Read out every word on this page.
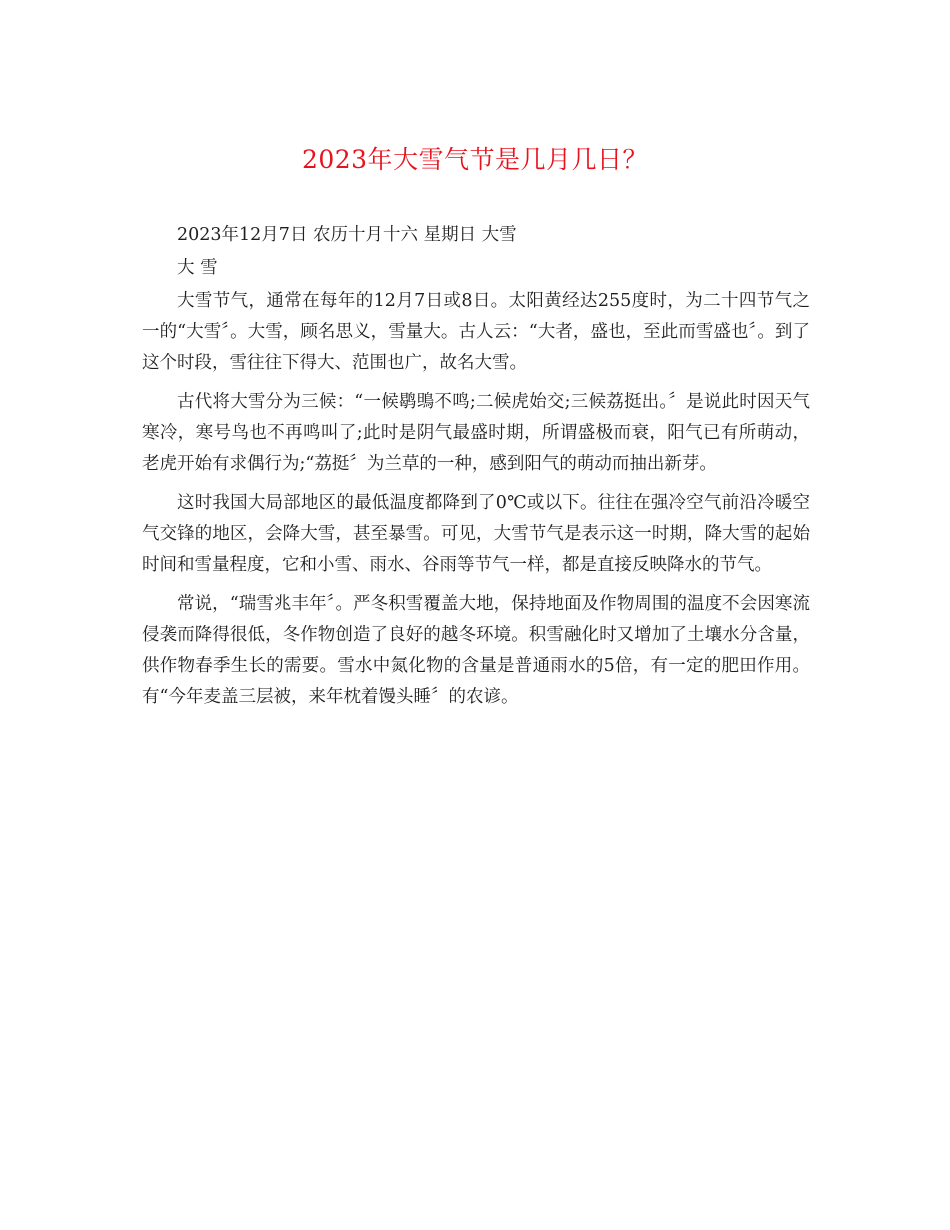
2023年大雪气节是几月几日？

2023年12月7日 农历十月十六 星期日 大雪

大 雪

大雪节气，通常在每年的12月7日或8日。太阳黄经达255度时，为二十四节气之一的“大雪〞。大雪，顾名思义，雪量大。古人云：“大者，盛也，至此而雪盛也〞。到了这个时段，雪往往下得大、范围也广，故名大雪。

古代将大雪分为三候：“一候鹖鴠不鸣;二候虎始交;三候荔挺出。〞是说此时因天气寒冷，寒号鸟也不再鸣叫了;此时是阴气最盛时期，所谓盛极而衰，阳气已有所萌动，老虎开始有求偶行为;“荔挺〞为兰草的一种，感到阳气的萌动而抽出新芽。

这时我国大局部地区的最低温度都降到了0℃或以下。往往在强冷空气前沿冷暖空气交锋的地区，会降大雪，甚至暴雪。可见，大雪节气是表示这一时期，降大雪的起始时间和雪量程度，它和小雪、雨水、谷雨等节气一样，都是直接反映降水的节气。

常说，“瑞雪兆丰年〞。严冬积雪覆盖大地，保持地面及作物周围的温度不会因寒流侵袭而降得很低，冬作物创造了良好的越冬环境。积雪融化时又增加了土壤水分含量，供作物春季生长的需要。雪水中氮化物的含量是普通雨水的5倍，有一定的肥田作用。有“今年麦盖三层被，来年枕着馒头睡〞的农谚。
